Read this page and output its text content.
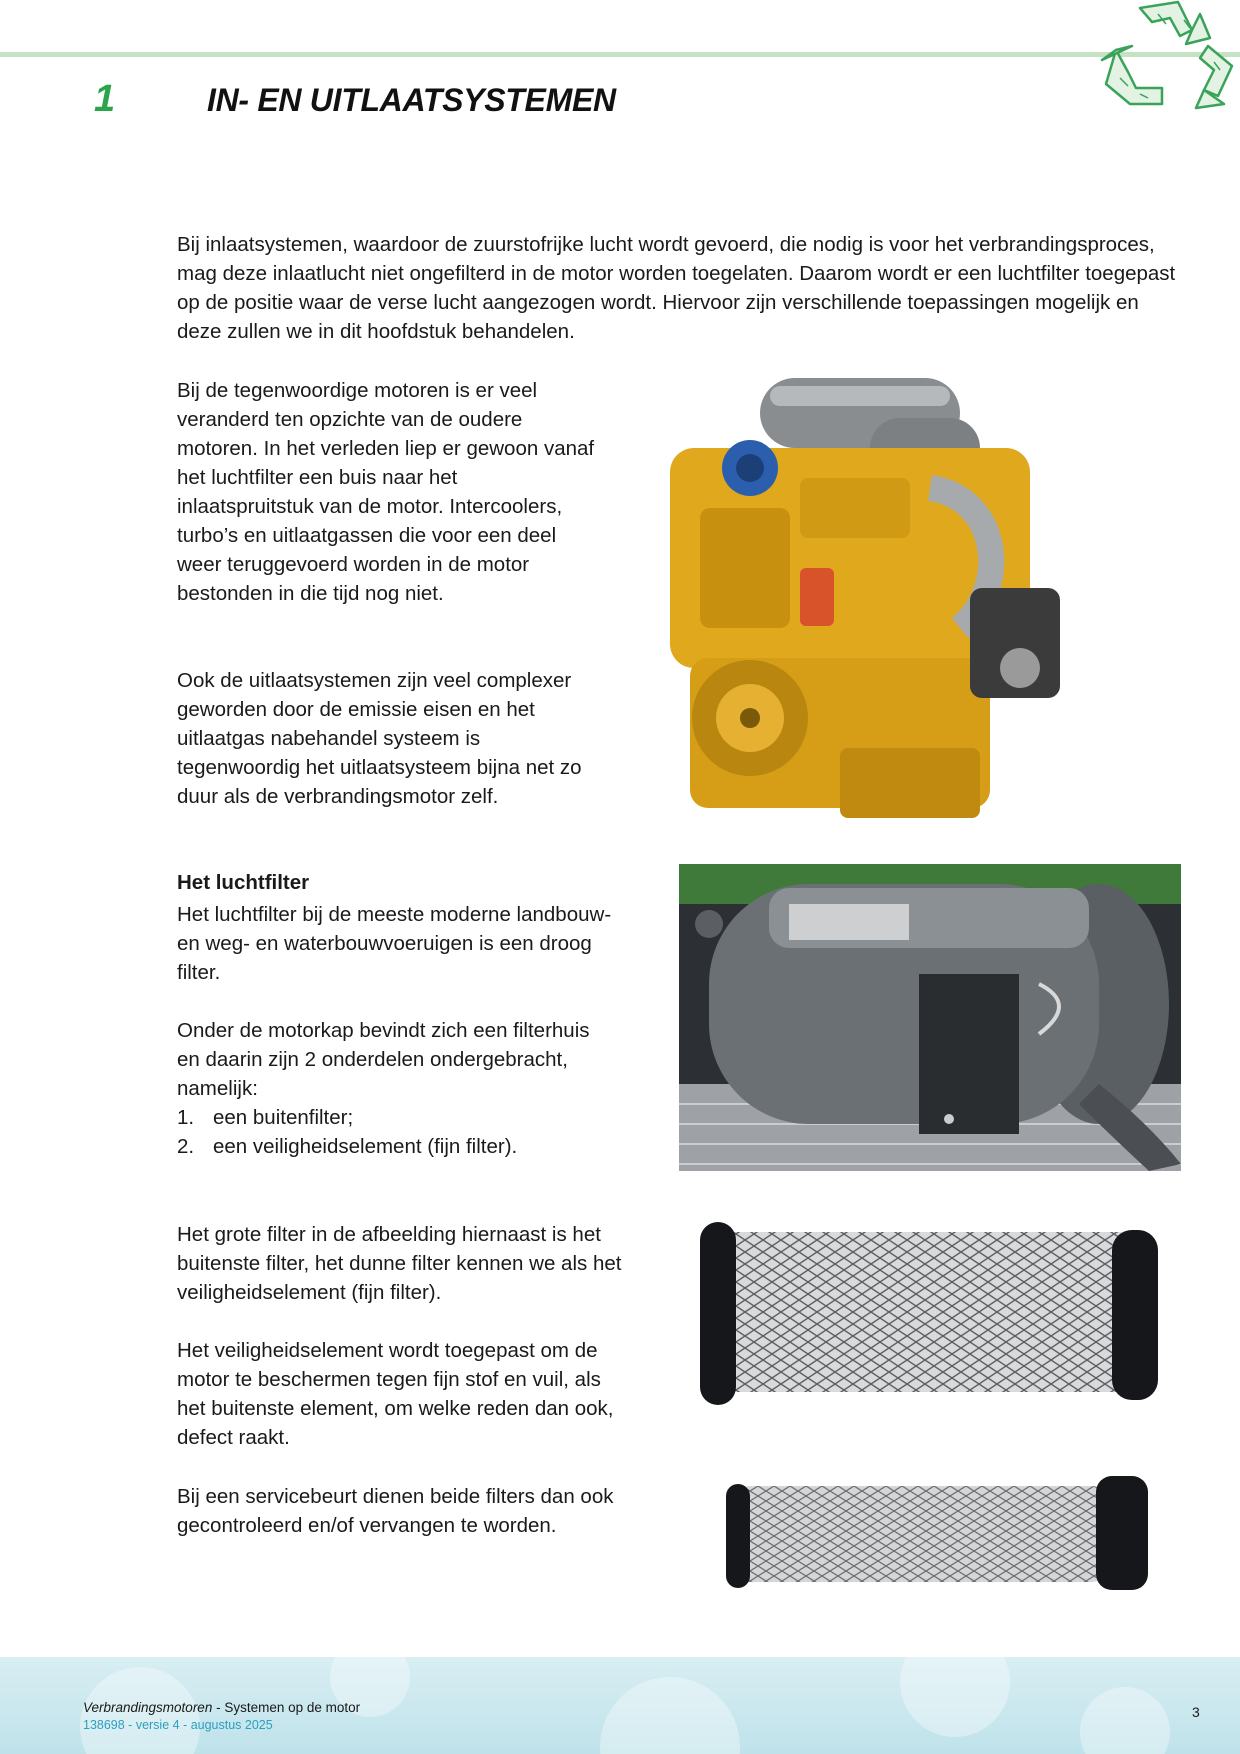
1	IN- EN UITLAATSYSTEMEN

Bij inlaatsystemen, waardoor de zuurstofrijke lucht wordt gevoerd, die nodig is voor het verbrandingsproces, mag deze inlaatlucht niet ongefilterd in de motor worden toegelaten. Daarom wordt er een luchtfilter toegepast op de positie waar de verse lucht aangezogen wordt. Hiervoor zijn verschillende toepassingen mogelijk en deze zullen we in dit hoofdstuk behandelen.

Bij de tegenwoordige motoren is er veel veranderd ten opzichte van de oudere motoren. In het verleden liep er gewoon vanaf het luchtfilter een buis naar het inlaatspruitstuk van de motor. Intercoolers, turbo’s en uitlaatgassen die voor een deel weer teruggevoerd worden in de motor bestonden in die tijd nog niet.

Ook de uitlaatsystemen zijn veel complexer geworden door de emissie eisen en het uitlaatgas nabehandel systeem is tegenwoordig het uitlaatsysteem bijna net zo duur als de verbrandingsmotor zelf.

Het luchtfilter

Het luchtfilter bij de meeste moderne landbouw- en weg- en waterbouwvoeruigen is een droog filter.

Onder de motorkap bevindt zich een filterhuis en daarin zijn 2 onderdelen ondergebracht, namelijk:

1. een buitenfilter;
2. een veiligheidselement (fijn filter).

Het grote filter in de afbeelding hiernaast is het buitenste filter, het dunne filter kennen we als het veiligheidselement (fijn filter).

Het veiligheidselement wordt toegepast om de motor te beschermen tegen fijn stof en vuil, als het buitenste element, om welke reden dan ook, defect raakt.

Bij een servicebeurt dienen beide filters dan ook gecontroleerd en/of vervangen te worden.

Verbrandingsmotoren - Systemen op de motor
138698 - versie 4 - augustus 2025
3
